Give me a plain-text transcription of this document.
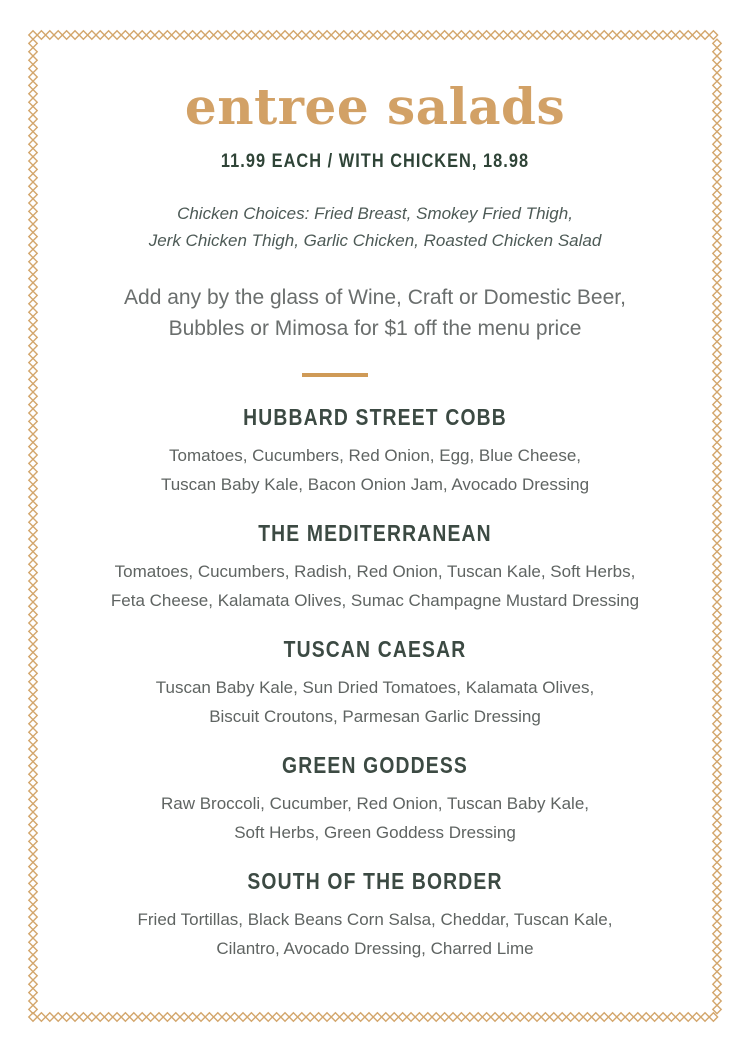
entree salads
11.99 EACH / WITH CHICKEN, 18.98
Chicken Choices: Fried Breast, Smokey Fried Thigh,
Jerk Chicken Thigh, Garlic Chicken, Roasted Chicken Salad
Add any by the glass of Wine, Craft or Domestic Beer,
Bubbles or Mimosa for $1 off the menu price
HUBBARD STREET COBB
Tomatoes, Cucumbers, Red Onion, Egg, Blue Cheese,
Tuscan Baby Kale, Bacon Onion Jam, Avocado Dressing
THE MEDITERRANEAN
Tomatoes, Cucumbers, Radish, Red Onion, Tuscan Kale, Soft Herbs,
Feta Cheese, Kalamata Olives, Sumac Champagne Mustard Dressing
TUSCAN CAESAR
Tuscan Baby Kale, Sun Dried Tomatoes, Kalamata Olives,
Biscuit Croutons, Parmesan Garlic Dressing
GREEN GODDESS
Raw Broccoli, Cucumber, Red Onion, Tuscan Baby Kale,
Soft Herbs, Green Goddess Dressing
SOUTH OF THE BORDER
Fried Tortillas, Black Beans Corn Salsa, Cheddar, Tuscan Kale,
Cilantro, Avocado Dressing, Charred Lime
